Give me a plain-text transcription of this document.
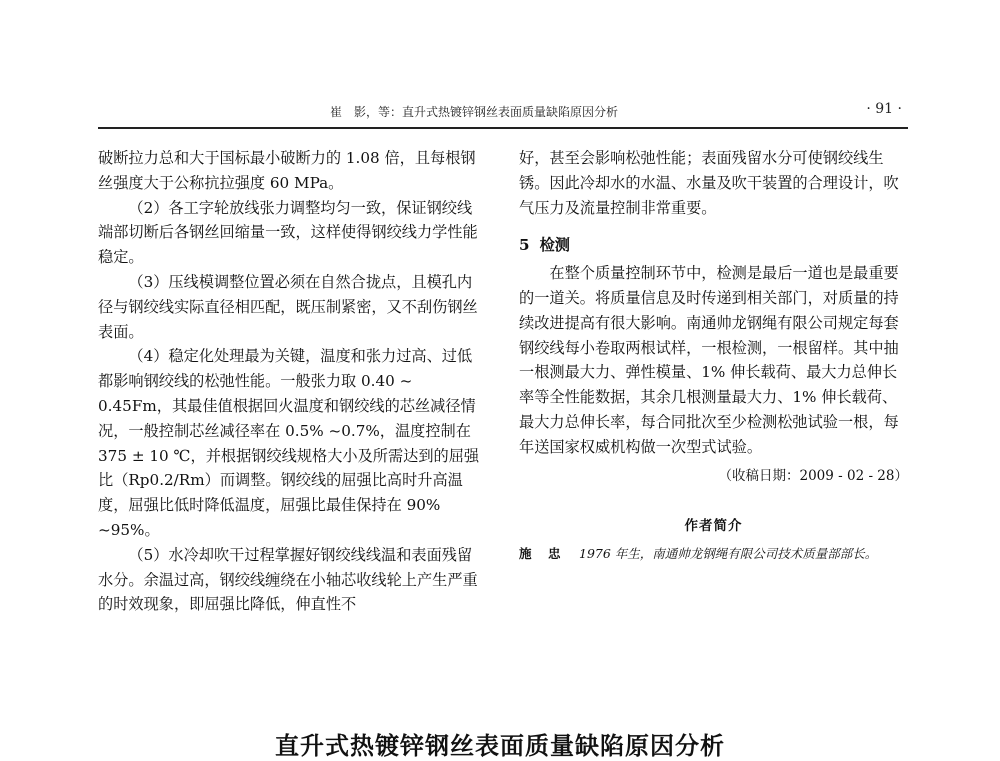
崔　影，等：直升式热镀锌钢丝表面质量缺陷原因分析	· 91 ·

破断拉力总和大于国标最小破断力的 1.08 倍，且每根钢丝强度大于公称抗拉强度 60 MPa。

（2）各工字轮放线张力调整均匀一致，保证钢绞线端部切断后各钢丝回缩量一致，这样使得钢绞线力学性能稳定。

（3）压线模调整位置必须在自然合拢点，且模孔内径与钢绞线实际直径相匹配，既压制紧密，又不刮伤钢丝表面。

（4）稳定化处理最为关键，温度和张力过高、过低都影响钢绞线的松弛性能。一般张力取 0.40 ~ 0.45Fm，其最佳值根据回火温度和钢绞线的芯丝减径情况，一般控制芯丝减径率在 0.5% ~0.7%，温度控制在 375 ± 10 ℃，并根据钢绞线规格大小及所需达到的屈强比（Rp0.2/Rm）而调整。钢绞线的屈强比高时升高温度，屈强比低时降低温度，屈强比最佳保持在 90% ~95%。

（5）水冷却吹干过程掌握好钢绞线线温和表面残留水分。余温过高，钢绞线缠绕在小轴芯收线轮上产生严重的时效现象，即屈强比降低，伸直性不

好，甚至会影响松弛性能；表面残留水分可使钢绞线生锈。因此冷却水的水温、水量及吹干装置的合理设计，吹气压力及流量控制非常重要。

5 检测

在整个质量控制环节中，检测是最后一道也是最重要的一道关。将质量信息及时传递到相关部门，对质量的持续改进提高有很大影响。南通帅龙钢绳有限公司规定每套钢绞线每小卷取两根试样，一根检测，一根留样。其中抽一根测最大力、弹性模量、1% 伸长载荷、最大力总伸长率等全性能数据，其余几根测量最大力、1% 伸长载荷、最大力总伸长率，每合同批次至少检测松弛试验一根，每年送国家权威机构做一次型式试验。

（收稿日期：2009 - 02 - 28）

作者简介

施　忠	1976 年生，南通帅龙钢绳有限公司技术质量部部长。
直升式热镀锌钢丝表面质量缺陷原因分析
